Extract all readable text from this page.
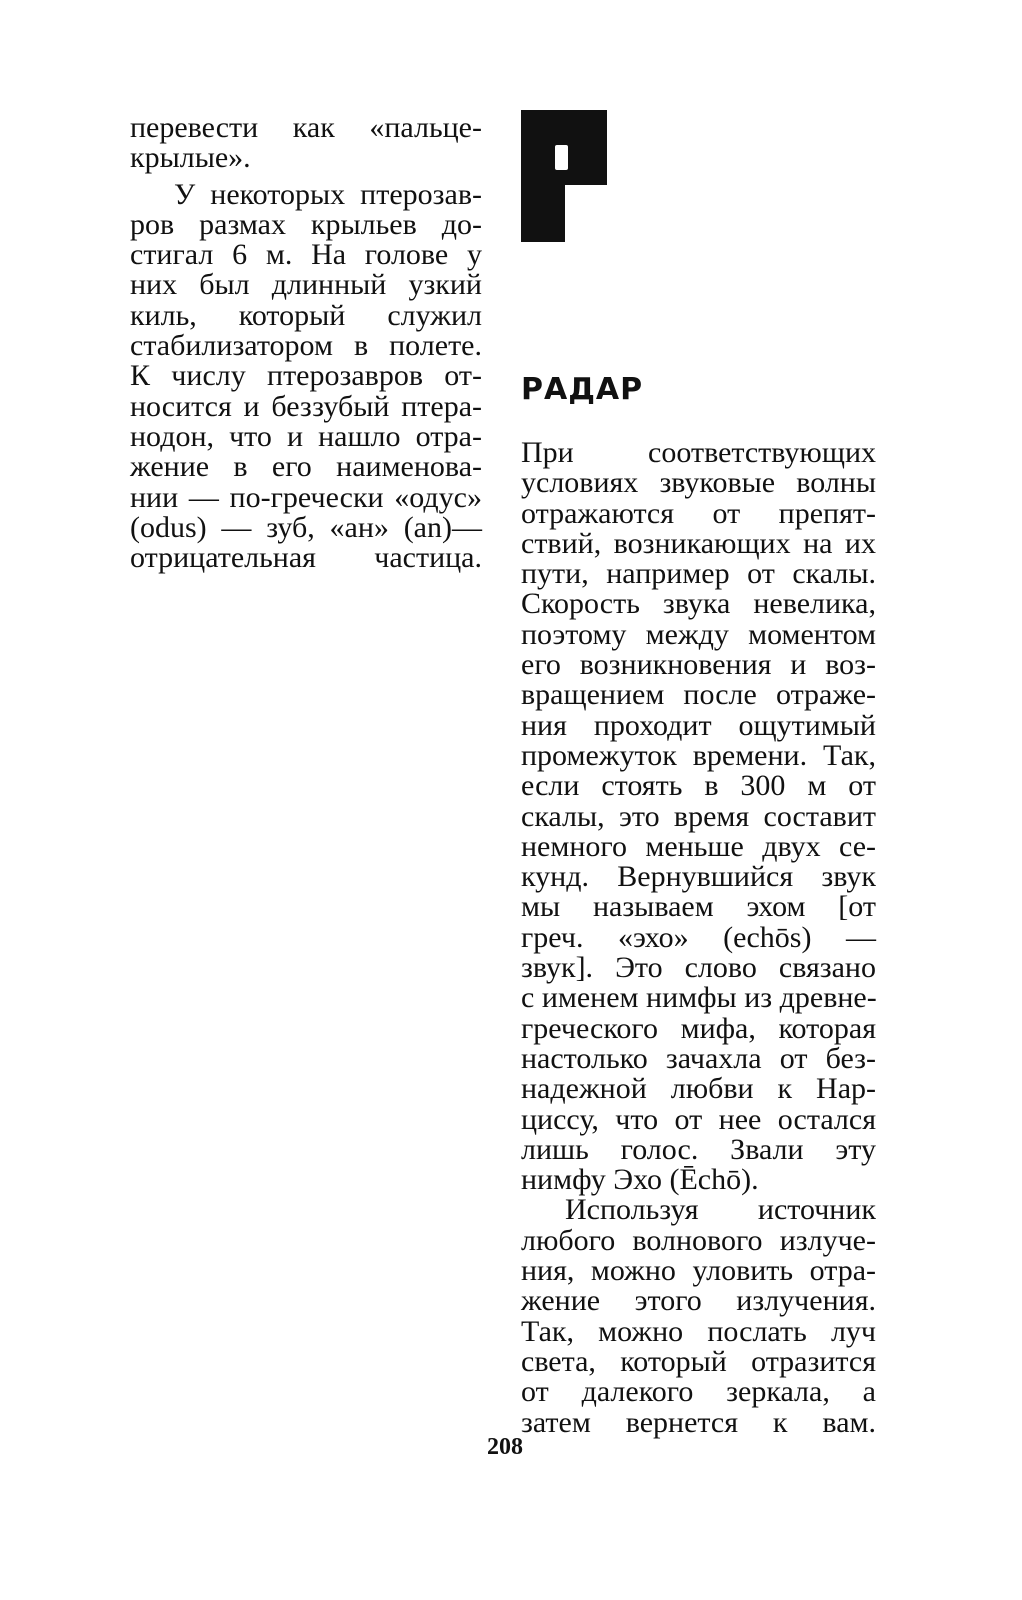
перевести как «пальце-
крылые».
У некоторых птерозав-
ров размах крыльев до-
стигал 6 м. На голове у
них был длинный узкий
киль, который служил
стабилизатором в полете.
К числу птерозавров от-
носится и беззубый птера-
нодон, что и нашло отра-
жение в его наименова-
нии — по-гречески «одус»
(odus) — зуб, «ан» (an)—
отрицательная частица.
РАДАР
При соответствующих
условиях звуковые волны
отражаются от препят-
ствий, возникающих на их
пути, например от скалы.
Скорость звука невелика,
поэтому между моментом
его возникновения и воз-
вращением после отраже-
ния проходит ощутимый
промежуток времени. Так,
если стоять в 300 м от
скалы, это время составит
немного меньше двух се-
кунд. Вернувшийся звук
мы называем эхом [от
греч. «эхо» (echōs) —
звук]. Это слово связано
с именем нимфы из древне-
греческого мифа, которая
настолько зачахла от без-
надежной любви к Нар-
циссу, что от нее остался
лишь голос. Звали эту
нимфу Эхо (Ēchō).
Используя источник
любого волнового излуче-
ния, можно уловить отра-
жение этого излучения.
Так, можно послать луч
света, который отразится
от далекого зеркала, а
затем вернется к вам.
208
